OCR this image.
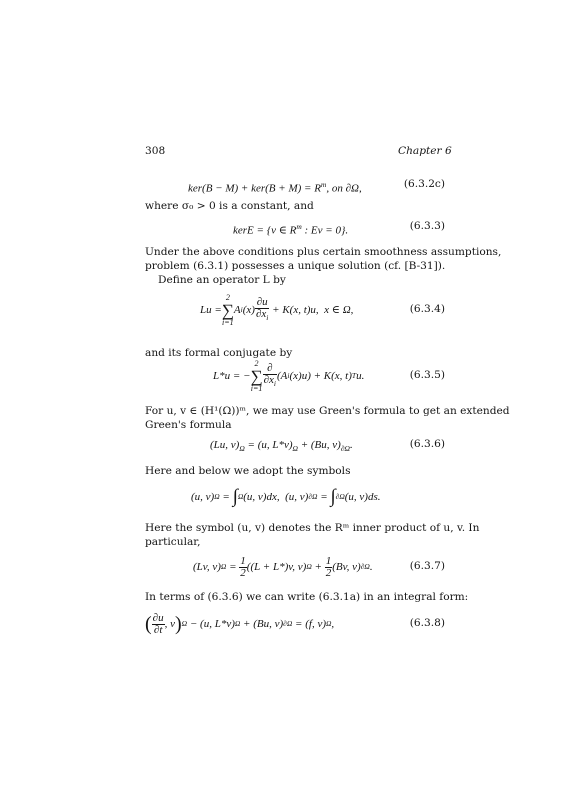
308	Chapter 6
$ker(B - M) + ker(B + M) = R^m$, on ∂Ω,	(6.3.2c)
where σ₀ > 0 is a constant, and
kerE = {v ∈ $R^m$ : Ev = 0}.	(6.3.3)
Under the above conditions plus certain smoothness assumptions,
problem (6.3.1) possesses a unique solution (cf. [B-31]).
Define an operator L by
Lu =
2
∑
i=1
A i $(x) \frac{\partial u}{\partial x_i} + K(x$, t)u,  x ∈ Ω,	(6.3.4)
and its formal conjugate by
L*u = −
2
∑
$i=1 \frac{\partial}{\partial x_i} (A$ i (x)u) + K(x, t) T u.	(6.3.5)
For u, v ∈ (H¹(Ω))ᵐ, we may use Green's formula to get an extended
Green's formula
(Lu, $v)_\Omega = (u$, $L*v)_\Omega + (Bu$, $v)_{\partial\Omega}$.	(6.3.6)
Here and below we adopt the symbols
(u, v) Ω = ∫ Ω (u, v)dx,  (u, v) ∂Ω = ∫ ∂Ω (u, v)ds.
Here the symbol (u, v) denotes the Rᵐ inner product of u, v. In
particular,
(Lv, v) $\Omega = \frac{1}{2} ((L + L*)v$, v) $\Omega + \frac{1}{2} (Bv$, v) ∂Ω .	(6.3.7)
In terms of (6.3.6) we can write (6.3.1a) in an integral form:
( $\frac{\partial u}{\partial t}$ , v ) Ω − (u, L*v) Ω + (Bu, v) ∂Ω = (f, v) Ω ,	(6.3.8)
